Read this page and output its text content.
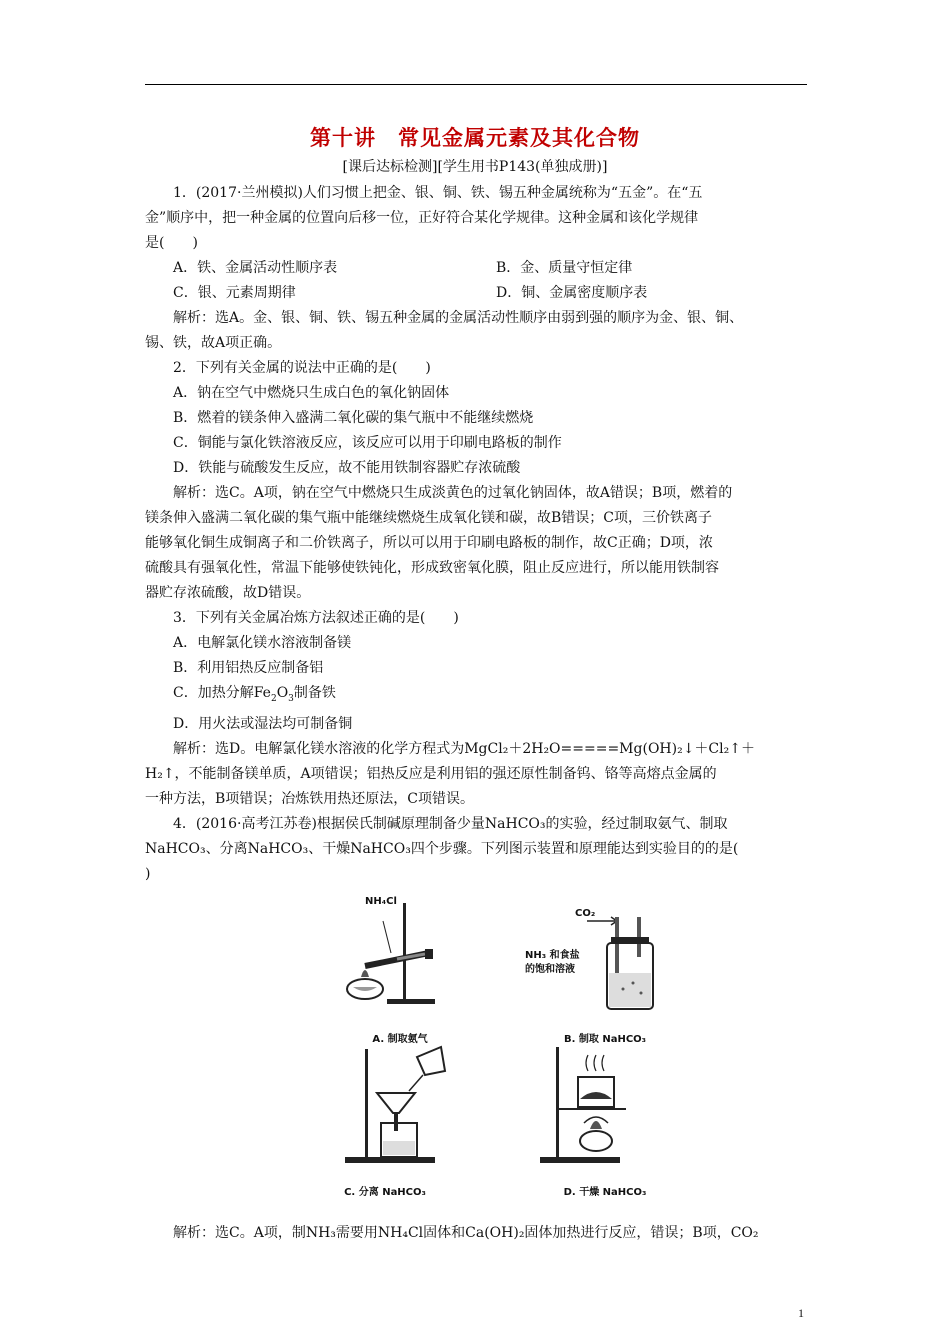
第十讲　常见金属元素及其化合物
[课后达标检测][学生用书P143(单独成册)]

1．(2017·兰州模拟)人们习惯上把金、银、铜、铁、锡五种金属统称为“五金”。在“五

金”顺序中，把一种金属的位置向后移一位，正好符合某化学规律。这种金属和该化学规律

是(　　)

A．铁、金属活动性顺序表	B．金、质量守恒定律
C．银、元素周期律	D．铜、金属密度顺序表

解析：选A。金、银、铜、铁、锡五种金属的金属活动性顺序由弱到强的顺序为金、银、铜、

锡、铁，故A项正确。

2．下列有关金属的说法中正确的是(　　)

A．钠在空气中燃烧只生成白色的氧化钠固体

B．燃着的镁条伸入盛满二氧化碳的集气瓶中不能继续燃烧

C．铜能与氯化铁溶液反应，该反应可以用于印刷电路板的制作

D．铁能与硫酸发生反应，故不能用铁制容器贮存浓硫酸

解析：选C。A项，钠在空气中燃烧只生成淡黄色的过氧化钠固体，故A错误；B项，燃着的

镁条伸入盛满二氧化碳的集气瓶中能继续燃烧生成氧化镁和碳，故B错误；C项，三价铁离子

能够氧化铜生成铜离子和二价铁离子，所以可以用于印刷电路板的制作，故C正确；D项，浓

硫酸具有强氧化性，常温下能够使铁钝化，形成致密氧化膜，阻止反应进行，所以能用铁制容

器贮存浓硫酸，故D错误。

3．下列有关金属冶炼方法叙述正确的是(　　)

A．电解氯化镁水溶液制备镁

B．利用铝热反应制备铝

C．加热分解$Fe_2O_3$制备铁

D．用火法或湿法均可制备铜

解析：选D。电解氯化镁水溶液的化学方程式为MgCl₂＋2H₂O=====Mg(OH)₂↓＋Cl₂↑＋

H₂↑，不能制备镁单质，A项错误；铝热反应是利用铝的强还原性制备钨、铬等高熔点金属的

一种方法，B项错误；冶炼铁用热还原法，C项错误。

4．(2016·高考江苏卷)根据侯氏制碱原理制备少量NaHCO₃的实验，经过制取氨气、制取

NaHCO₃、分离NaHCO₃、干燥NaHCO₃四个步骤。下列图示装置和原理能达到实验目的的是(

)

NH₄Cl
A. 制取氨气
CO₂
NH₃ 和食盐
的饱和溶液
B. 制取 NaHCO₃
C. 分离 NaHCO₃	D. 干燥 NaHCO₃

解析：选C。A项，制NH₃需要用NH₄Cl固体和Ca(OH)₂固体加热进行反应，错误；B项，CO₂

1
